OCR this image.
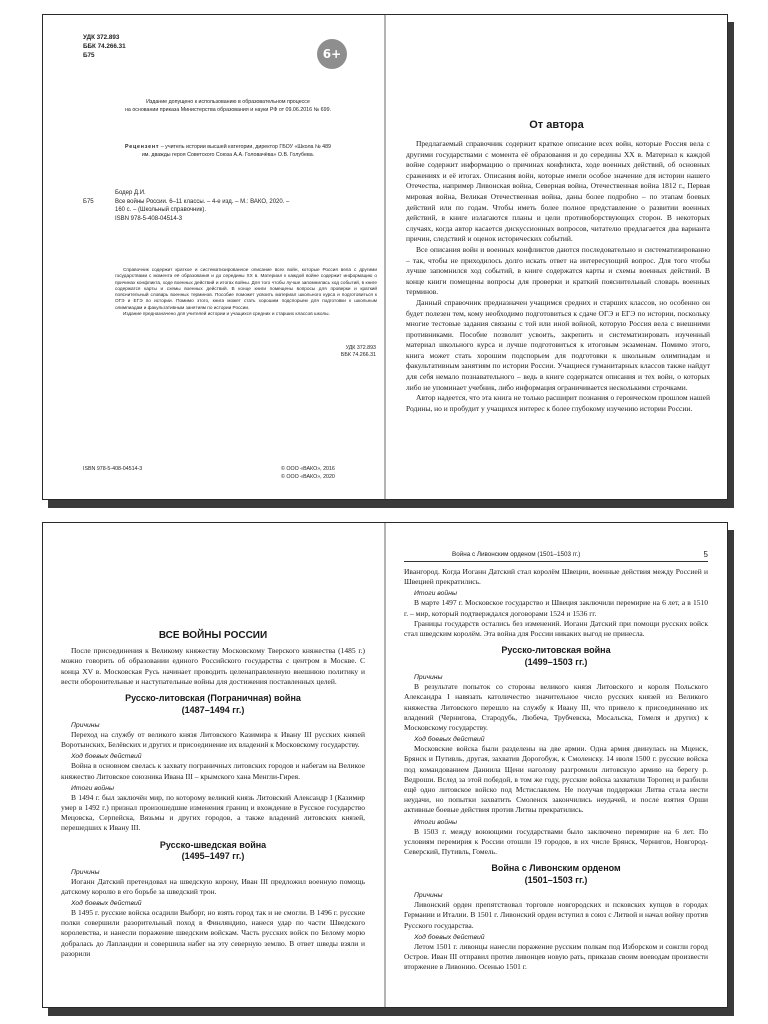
УДК 372.893
ББК 74.266.31
Б75	6+
Издание допущено к использованию в образовательном процессе
на основании приказа Министерства образования и науки РФ от 09.06.2016 № 699.
Рецензент – учитель истории высшей категории, директор ГБОУ «Школа № 489
им. дважды героя Советского Союза А.А. Головачёва» О.В. Голубева.
Бодер Д.И.
Б75	Все войны России. 6–11 классы. – 4-е изд. – М.: ВАКО, 2020. –
160 с. – (Школьный справочник).
ISBN 978-5-408-04514-3

Справочник содержит краткое и систематизированное описание всех войн, которые Россия вела с другими государствами с момента её образования и до середины XX в. Материал к каждой войне содержит информацию о причинах конфликта, ходе военных действий и итогах войны. Для того чтобы лучше запомнилась ход событий, в книге содержатся карты и схемы военных действий. В конце книги помещены вопросы для проверки и краткий пояснительный словарь военных терминов. Пособие поможет усвоить материал школьного курса и подготовиться к ОГЭ и ЕГЭ по истории. Помимо этого, книга может стать хорошим подспорьем для подготовки к школьным олимпиадам и факультативным занятиям по истории России.

Издание предназначено для учителей истории и учащихся средних и старших классов школы.

УДК 372.893
ББК 74.266.31
ISBN 978-5-408-04514-3	© ООО «ВАКО», 2016
© ООО «ВАКО», 2020
От автора

Предлагаемый справочник содержит краткое описание всех войн, которые Россия вела с другими государствами с момента её образования и до середины XX в. Материал к каждой войне содержит информацию о причинах конфликта, ходе военных действий, об основных сражениях и её итогах. Описания войн, которые имели особое значение для истории нашего Отечества, например Ливонская война, Северная война, Отечественная война 1812 г., Первая мировая война, Великая Отечественная война, даны более подробно – по этапам боевых действий или по годам. Чтобы иметь более полное представление о развитии военных действий, в книге излагаются планы и цели противоборствующих сторон. В некоторых случаях, когда автор касается дискуссионных вопросов, читателю предлагается два варианта причин, следствий и оценок исторических событий.

Все описания войн и военных конфликтов даются последовательно и систематизированно – так, чтобы не приходилось долго искать ответ на интересующий вопрос. Для того чтобы лучше запомнился ход событий, в книге содержатся карты и схемы военных действий. В конце книги помещены вопросы для проверки и краткий пояснительный словарь военных терминов.

Данный справочник предназначен учащимся средних и старших классов, но особенно он будет полезен тем, кому необходимо подготовиться к сдаче ОГЭ и ЕГЭ по истории, поскольку многие тестовые задания связаны с той или иной войной, которую Россия вела с внешними противниками. Пособие позволит усвоить, закрепить и систематизировать изученный материал школьного курса и лучше подготовиться к итоговым экзаменам. Помимо этого, книга может стать хорошим подспорьем для подготовки к школьным олимпиадам и факультативным занятиям по истории России. Учащиеся гуманитарных классов также найдут для себя немало познавательного – ведь в книге содержатся описания и тех войн, о которых либо не упоминает учебник, либо информация ограничивается несколькими строчками.

Автор надеется, что эта книга не только расширит познания о героическом прошлом нашей Родины, но и пробудит у учащихся интерес к более глубокому изучению истории России.

ВСЕ ВОЙНЫ РОССИИ

После присоединения к Великому княжеству Московскому Тверского княжества (1485 г.) можно говорить об образовании единого Российского государства с центром в Москве. С конца XV в. Московская Русь начинает проводить целенаправленную внешнюю политику и вести оборонительные и наступательные войны для достижения поставленных целей.

Русско-литовская (Пограничная) война
(1487–1494 гг.)
Причины

Переход на службу от великого князя Литовского Казимира к Ивану III русских князей Воротынских, Белёвских и других и присоединение их владений к Московскому государству.

Ход боевых действий

Война в основном свелась к захвату пограничных литовских городов и набегам на Великое княжество Литовское союзника Ивана III – крымского хана Менгли-Гирея.

Итоги войны

В 1494 г. был заключён мир, по которому великий князь Литовский Александр I (Казимир умер в 1492 г.) признал произошедшие изменения границ и вхождение в Русское государство Мецовска, Серпейска, Вязьмы и других городов, а также владений литовских князей, перешедших к Ивану III.

Русско-шведская война
(1495–1497 гг.)
Причины

Иоганн Датский претендовал на шведскую корону, Иван III предложил военную помощь датскому королю в его борьбе за шведский трон.

Ход боевых действий

В 1495 г. русские войска осадили Выборг, но взять город так и не смогли. В 1496 г. русские полки совершили разорительный поход в Финляндию, нанеся удар по части Шведского королевства, и нанесли поражение шведским войскам. Часть русских войск по Белому морю добралась до Лапландии и совершила набег на эту северную землю. В ответ шведы взяли и разорили

Война с Ливонским орденом (1501–1503 гг.)	5

Ивангород. Когда Иоганн Датский стал королём Швеции, военные действия между Россией и Швецией прекратились.

Итоги войны

В марте 1497 г. Московское государство и Швеция заключили перемирие на 6 лет, а в 1510 г. – мир, который подтверждался договорами 1524 и 1536 гг.

Границы государств остались без изменений. Иоганн Датский при помощи русских войск стал шведским королём. Эта война для России никаких выгод не принесла.

Русско-литовская война
(1499–1503 гг.)
Причины

В результате попыток со стороны великого князя Литовского и короля Польского Александра I навязать католичество значительное число русских князей из Великого княжества Литовского перешло на службу к Ивану III, что привело к присоединению их владений (Черниговa, Стародубь, Любеча, Трубчевска, Мосальска, Гомеля и других) к Московскому государству.

Ход боевых действий

Московские войска были разделены на две армии. Одна армия двинулась на Мценск, Брянск и Путивль, другая, захватив Дорогобуж, к Смоленску. 14 июля 1500 г. русские войска под командованием Даниила Щени наголову разгромили литовскую армию на берегу р. Ведроши. Вслед за этой победой, в том же году, русские войска захватили Торопец и разбили ещё одно литовское войско под Мстиславлем. Не получая поддержки Литва стала нести неудачи, но попытки захватить Смоленск закончились неудачей, и после взятия Орши активные боевые действия против Литвы прекратились.

Итоги войны

В 1503 г. между воюющими государствами было заключено перемирие на 6 лет. По условиям перемирия к России отошли 19 городов, в их числе Брянск, Чернигов, Новгород-Северский, Путивль, Гомель.

Война с Ливонским орденом
(1501–1503 гг.)
Причины

Ливонский орден препятствовал торговле новгородских и псковских купцов в городах Германии и Италии. В 1501 г. Ливонский орден вступил в союз с Литвой и начал войну против Русского государства.

Ход боевых действий

Летом 1501 г. ливонцы нанесли поражение русским полкам под Изборском и сожгли город Остров. Иван III отправил против ливонцев новую рать, приказав своим воеводам произвести вторжение в Ливонию. Осенью 1501 г.
